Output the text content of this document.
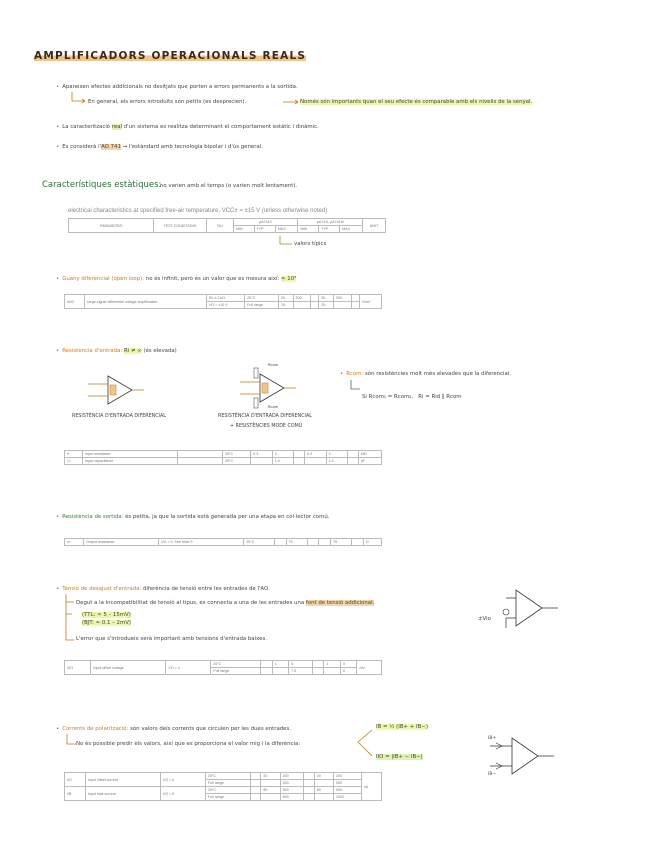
AMPLIFICADORS OPERACIONALS REALS
• Apareixen efectes addicionals no desitjats que porten a errors permanents a la sortida.
En general, els errors introduïts són petits (es desprecien).	Només són importants quan el seu efecte és comparable amb els nivells de la senyal.
• La caracterització real d'un sistema es realitza determinant el comportament estàtic i dinàmic.
• Es considerà l'AO 741 → l'estàndard amb tecnologia bipolar i d'ús general.
Característiques estàtiques:
no varien amb el temps (o varien molt lentament).
electrical characteristics at specified free-air temperature, VCC± = ±15 V (unless otherwise noted)
PARAMETER	TEST CONDITIONS	TA†	µA741C			µA741I, µA741M			UNIT
			MIN	TYP	MAX	MIN	TYP	MAX	
valors típics
• Guany diferencial (open loop): no és infinit, però és un valor que es mesura així: ≈ 10⁵
AVD	Large-signal differential voltage amplification	RL ≥ 2 kΩ	25°C	20	200		50	200		V/mV
		VO = ±10 V	Full range	15			25			
• Resistència d'entrada: Ri ≠ ∞ (és elevada)
Rcom
Rcom
RESISTÈNCIA D'ENTRADA DIFERENCIAL	RESISTÈNCIA D'ENTRADA DIFERENCIAL
+ RESISTÈNCIES MODE COMÚ
• Rcom: són resistències molt més elevades que la diferencial.
Si Rcom₁ = Rcom₂,   Ri = Rid ∥ Rcom
ri	Input resistance		25°C	0.3	2		0.3	2		MΩ
Ci	Input capacitance		25°C		1.4			1.4		pF
• Resistència de sortida: és petita, ja que la sortida està generada per una etapa en col·lector comú.
ro	Output resistance	VO = 0, See Note 5	25°C		75			75		Ω
• Tensió de desajust d'entrada: diferència de tensió entre les entrades de l'AO.
Degut a la incompatibilitat de tensió al tipus, es connecta a una de les entrades una font de tensió addicional.
(TTL: ≈ 5 – 15mV)
(BJT: ≈ 0.1 – 2mV)
L'error que s'introdueix serà important amb tensions d'entrada baixes.
±Vio
VIO	Input offset voltage	VO = 0	25°C		1	5		1	5	mV
			Full range			7.5			6	
• Corrents de polarització: són valors dels corrents que circulen per les dues entrades.
No és possible predir els valors, així que es proporciona el valor mig i la diferència:
IB = ½ (IB+ + IB−)
IIO = |IB+ − IB−|
IB+
IB−
IIO	Input offset current	VO = 0	25°C		20	200		20	200	nA
			Full range			300			500	
IIB	Input bias current	VO = 0	25°C		80	500		80	500	
			Full range			800			1500	
